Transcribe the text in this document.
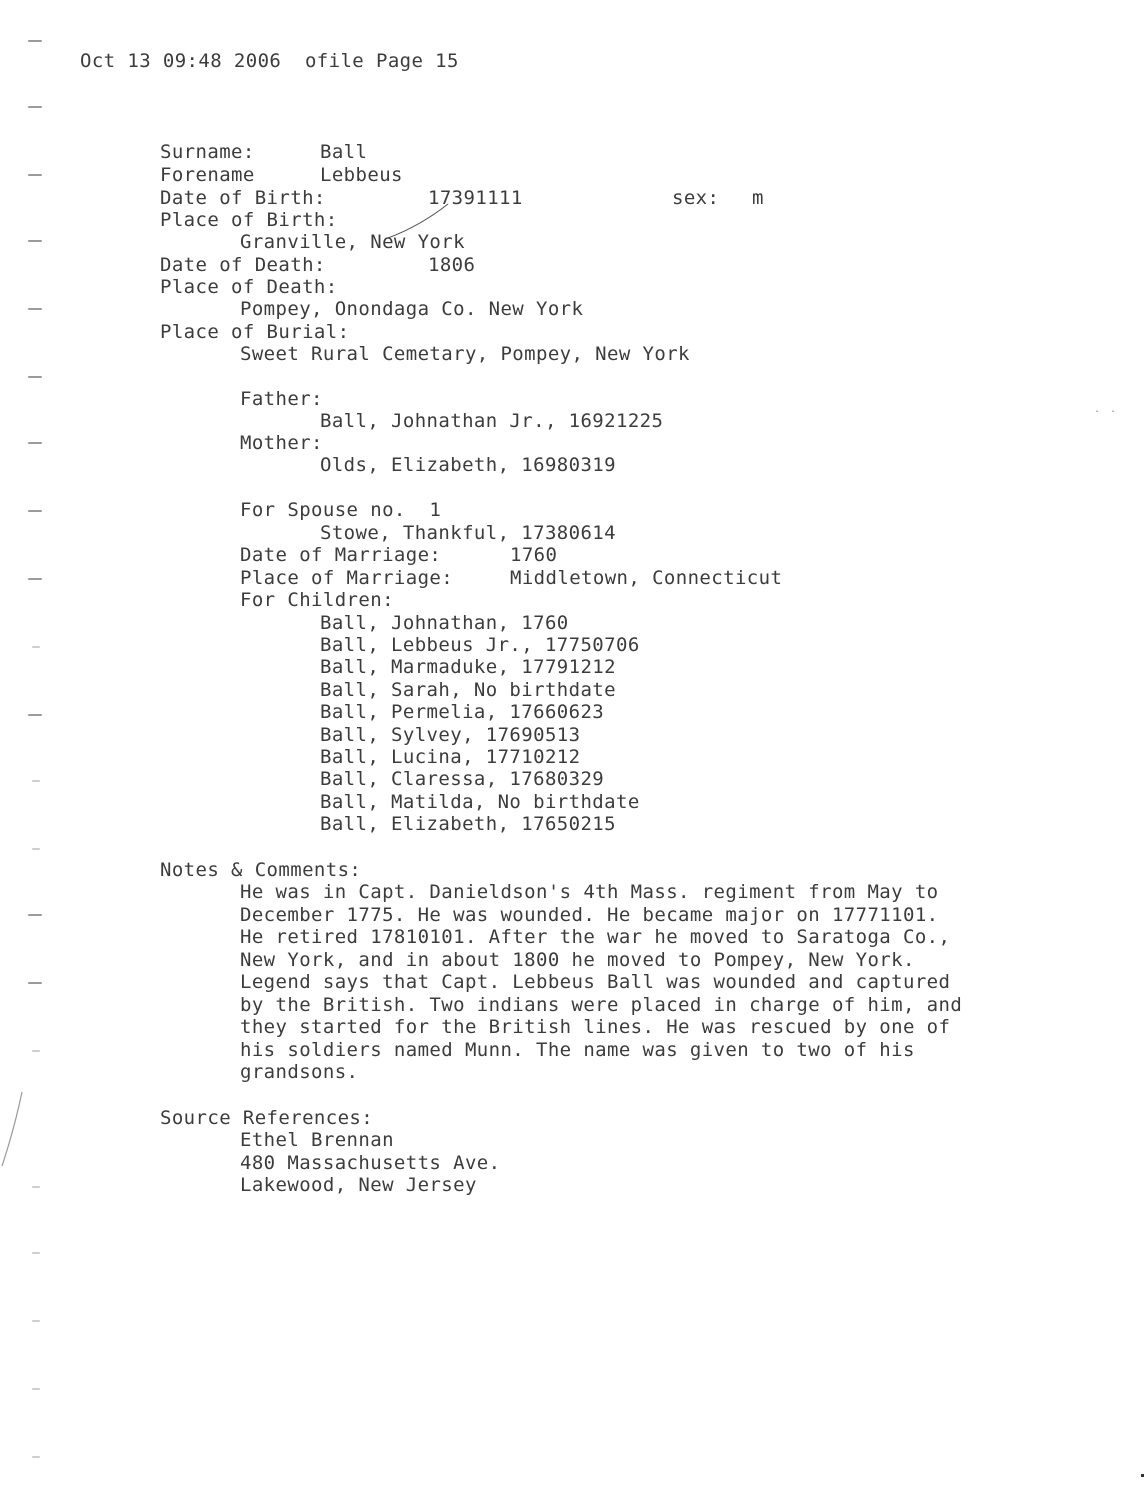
. .
Oct 13 09:48 2006  ofile Page 15
Surname:	Ball
Forename	Lebbeus
Date of Birth:	17391111	sex: m
Place of Birth:
Granville, New York
Date of Death:	1806
Place of Death:
Pompey, Onondaga Co. New York
Place of Burial:
Sweet Rural Cemetary, Pompey, New York
Father:
Ball, Johnathan Jr., 16921225
Mother:
Olds, Elizabeth, 16980319
For Spouse no.  1
Stowe, Thankful, 17380614
Date of Marriage:	1760
Place of Marriage:	Middletown, Connecticut
For Children:
Ball, Johnathan, 1760
Ball, Lebbeus Jr., 17750706
Ball, Marmaduke, 17791212
Ball, Sarah, No birthdate
Ball, Permelia, 17660623
Ball, Sylvey, 17690513
Ball, Lucina, 17710212
Ball, Claressa, 17680329
Ball, Matilda, No birthdate
Ball, Elizabeth, 17650215
Notes & Comments:
He was in Capt. Danieldson's 4th Mass. regiment from May to
December 1775. He was wounded. He became major on 17771101.
He retired 17810101. After the war he moved to Saratoga Co.,
New York, and in about 1800 he moved to Pompey, New York.
Legend says that Capt. Lebbeus Ball was wounded and captured
by the British. Two indians were placed in charge of him, and
they started for the British lines. He was rescued by one of
his soldiers named Munn. The name was given to two of his
grandsons.
Source References:
Ethel Brennan
480 Massachusetts Ave.
Lakewood, New Jersey
